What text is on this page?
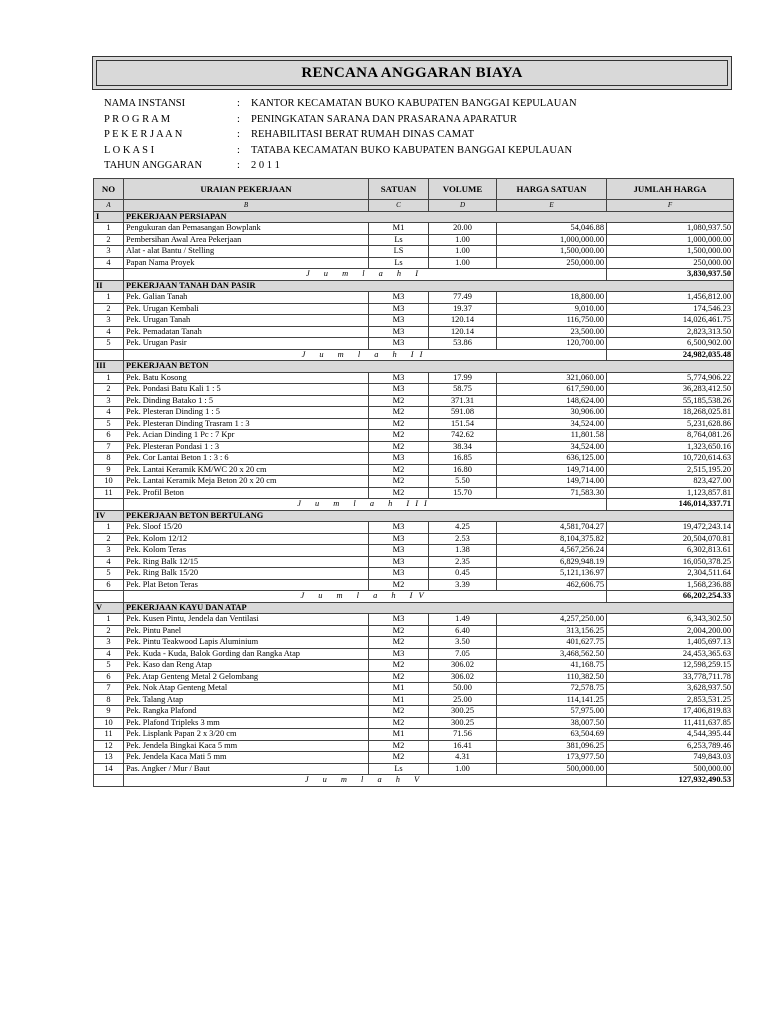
RENCANA ANGGARAN BIAYA
NAMA INSTANSI	:	KANTOR KECAMATAN BUKO KABUPATEN BANGGAI KEPULAUAN
P R O G R A M	:	PENINGKATAN SARANA DAN PRASARANA APARATUR
P E K E R J A A N	:	REHABILITASI BERAT RUMAH DINAS CAMAT
L O K A S I	:	TATABA KECAMATAN BUKO KABUPATEN BANGGAI KEPULAUAN
TAHUN ANGGARAN	:	2 0 1 1
NO	URAIAN PEKERJAAN	SATUAN	VOLUME	HARGA SATUAN	JUMLAH HARGA
A	B	C	D	E	F
I	PEKERJAAN PERSIAPAN				
1	Pengukuran dan Pemasangan Bowplank	M1	20.00	54,046.88	1,080,937.50
2	Pembersihan Awal Area Pekerjaan	Ls	1.00	1,000,000.00	1,000,000.00
3	Alat - alat Bantu / Stelling	LS	1.00	1,500,000.00	1,500,000.00
4	Papan Nama Proyek	Ls	1.00	250,000.00	250,000.00
	J u m l a h I				3,830,937.50
II	PEKERJAAN TANAH DAN PASIR				
1	Pek. Galian Tanah	M3	77.49	18,800.00	1,456,812.00
2	Pek. Urugan Kembali	M3	19.37	9,010.00	174,546.23
3	Pek. Urugan Tanah	M3	120.14	116,750.00	14,026,461.75
4	Pek. Pemadatan Tanah	M3	120.14	23,500.00	2,823,313.50
5	Pek. Urugan Pasir	M3	53.86	120,700.00	6,500,902.00
	J u m l a h II				24,982,035.48
III	PEKERJAAN BETON				
1	Pek. Batu Kosong	M3	17.99	321,060.00	5,774,906.22
2	Pek. Pondasi Batu Kali 1 : 5	M3	58.75	617,590.00	36,283,412.50
3	Pek. Dinding Batako 1 : 5	M2	371.31	148,624.00	55,185,538.26
4	Pek. Plesteran Dinding 1 : 5	M2	591.08	30,906.00	18,268,025.81
5	Pek. Plesteran Dinding Trasram 1 : 3	M2	151.54	34,524.00	5,231,628.86
6	Pek. Acian Dinding 1 Pc : 7 Kpr	M2	742.62	11,801.58	8,764,081.26
7	Pek. Plesteran Pondasi 1 : 3	M2	38.34	34,524.00	1,323,650.16
8	Pek. Cor Lantai Beton 1 : 3 : 6	M3	16.85	636,125.00	10,720,614.63
9	Pek. Lantai Keramik KM/WC 20 x 20 cm	M2	16.80	149,714.00	2,515,195.20
10	Pek. Lantai Keramik Meja Beton 20 x 20 cm	M2	5.50	149,714.00	823,427.00
11	Pek. Profil Beton	M2	15.70	71,583.30	1,123,857.81
	J u m l a h III				146,014,337.71
IV	PEKERJAAN BETON BERTULANG				
1	Pek. Sloof 15/20	M3	4.25	4,581,704.27	19,472,243.14
2	Pek. Kolom 12/12	M3	2.53	8,104,375.82	20,504,070.81
3	Pek. Kolom Teras	M3	1.38	4,567,256.24	6,302,813.61
4	Pek. Ring Balk 12/15	M3	2.35	6,829,948.19	16,050,378.25
5	Pek. Ring Balk 15/20	M3	0.45	5,121,136.97	2,304,511.64
6	Pek. Plat Beton Teras	M2	3.39	462,606.75	1,568,236.88
	J u m l a h IV				66,202,254.33
V	PEKERJAAN KAYU DAN ATAP				
1	Pek. Kusen Pintu, Jendela dan Ventilasi	M3	1.49	4,257,250.00	6,343,302.50
2	Pek. Pintu Panel	M2	6.40	313,156.25	2,004,200.00
3	Pek. Pintu Teakwood Lapis Aluminium	M2	3.50	401,627.75	1,405,697.13
4	Pek. Kuda - Kuda, Balok Gording dan Rangka Atap	M3	7.05	3,468,562.50	24,453,365.63
5	Pek. Kaso dan Reng Atap	M2	306.02	41,168.75	12,598,259.15
6	Pek. Atap Genteng Metal 2 Gelombang	M2	306.02	110,382.50	33,778,711.78
7	Pek. Nok Atap Genteng Metal	M1	50.00	72,578.75	3,628,937.50
8	Pek. Talang Atap	M1	25.00	114,141.25	2,853,531.25
9	Pek. Rangka Plafond	M2	300.25	57,975.00	17,406,819.83
10	Pek. Plafond Tripleks 3 mm	M2	300.25	38,007.50	11,411,637.85
11	Pek. Lisplank Papan 2 x 3/20 cm	M1	71.56	63,504.69	4,544,395.44
12	Pek. Jendela Bingkai Kaca 5 mm	M2	16.41	381,096.25	6,253,789.46
13	Pek. Jendela Kaca Mati 5 mm	M2	4.31	173,977.50	749,843.03
14	Pas. Angker / Mur / Baut	Ls	1.00	500,000.00	500,000.00
	J u m l a h V				127,932,490.53
